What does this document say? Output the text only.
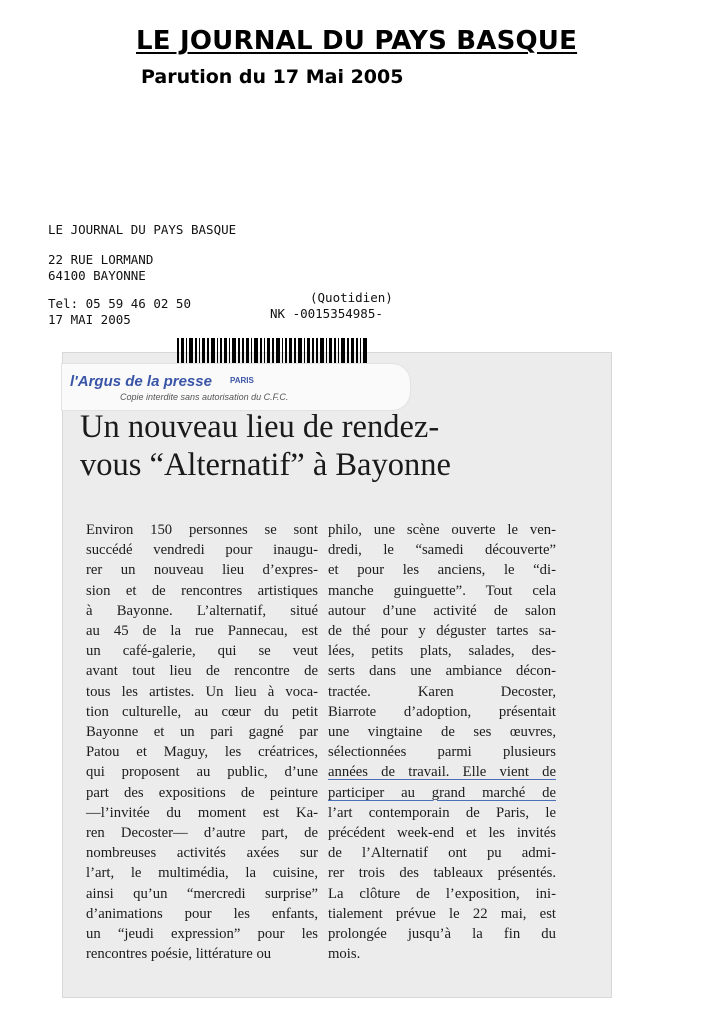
LE JOURNAL DU PAYS BASQUE
Parution du 17 Mai 2005
LE JOURNAL DU PAYS BASQUE
22 RUE LORMAND
64100 BAYONNE
Tel: 05 59 46 02 50
17 MAI 2005
(Quotidien)
NK -0015354985-

l'Argus de la presse PARIS
Copie interdite sans autorisation du C.F.C.
Un nouveau lieu de rendez-
vous “Alternatif” à Bayonne
Environ 150 personnes se sont
succédé vendredi pour inaugu-
rer un nouveau lieu d’expres-
sion et de rencontres artistiques
à Bayonne. L’alternatif, situé
au 45 de la rue Pannecau, est
un café-galerie, qui se veut
avant tout lieu de rencontre de
tous les artistes. Un lieu à voca-
tion culturelle, au cœur du petit
Bayonne et un pari gagné par
Patou et Maguy, les créatrices,
qui proposent au public, d’une
part des expositions de peinture
—l’invitée du moment est Ka-
ren Decoster— d’autre part, de
nombreuses activités axées sur
l’art, le multimédia, la cuisine,
ainsi qu’un “mercredi surprise”
d’animations pour les enfants,
un “jeudi expression” pour les
rencontres poésie, littérature ou
philo, une scène ouverte le ven-
dredi, le “samedi découverte”
et pour les anciens, le “di-
manche guinguette”. Tout cela
autour d’une activité de salon
de thé pour y déguster tartes sa-
lées, petits plats, salades, des-
serts dans une ambiance décon-
tractée. Karen Decoster,
Biarrote d’adoption, présentait
une vingtaine de ses œuvres,
sélectionnées parmi plusieurs
années de travail. Elle vient de
participer au grand marché de
l’art contemporain de Paris, le
précédent week-end et les invités
de l’Alternatif ont pu admi-
rer trois des tableaux présentés.
La clôture de l’exposition, ini-
tialement prévue le 22 mai, est
prolongée jusqu’à la fin du
mois.
